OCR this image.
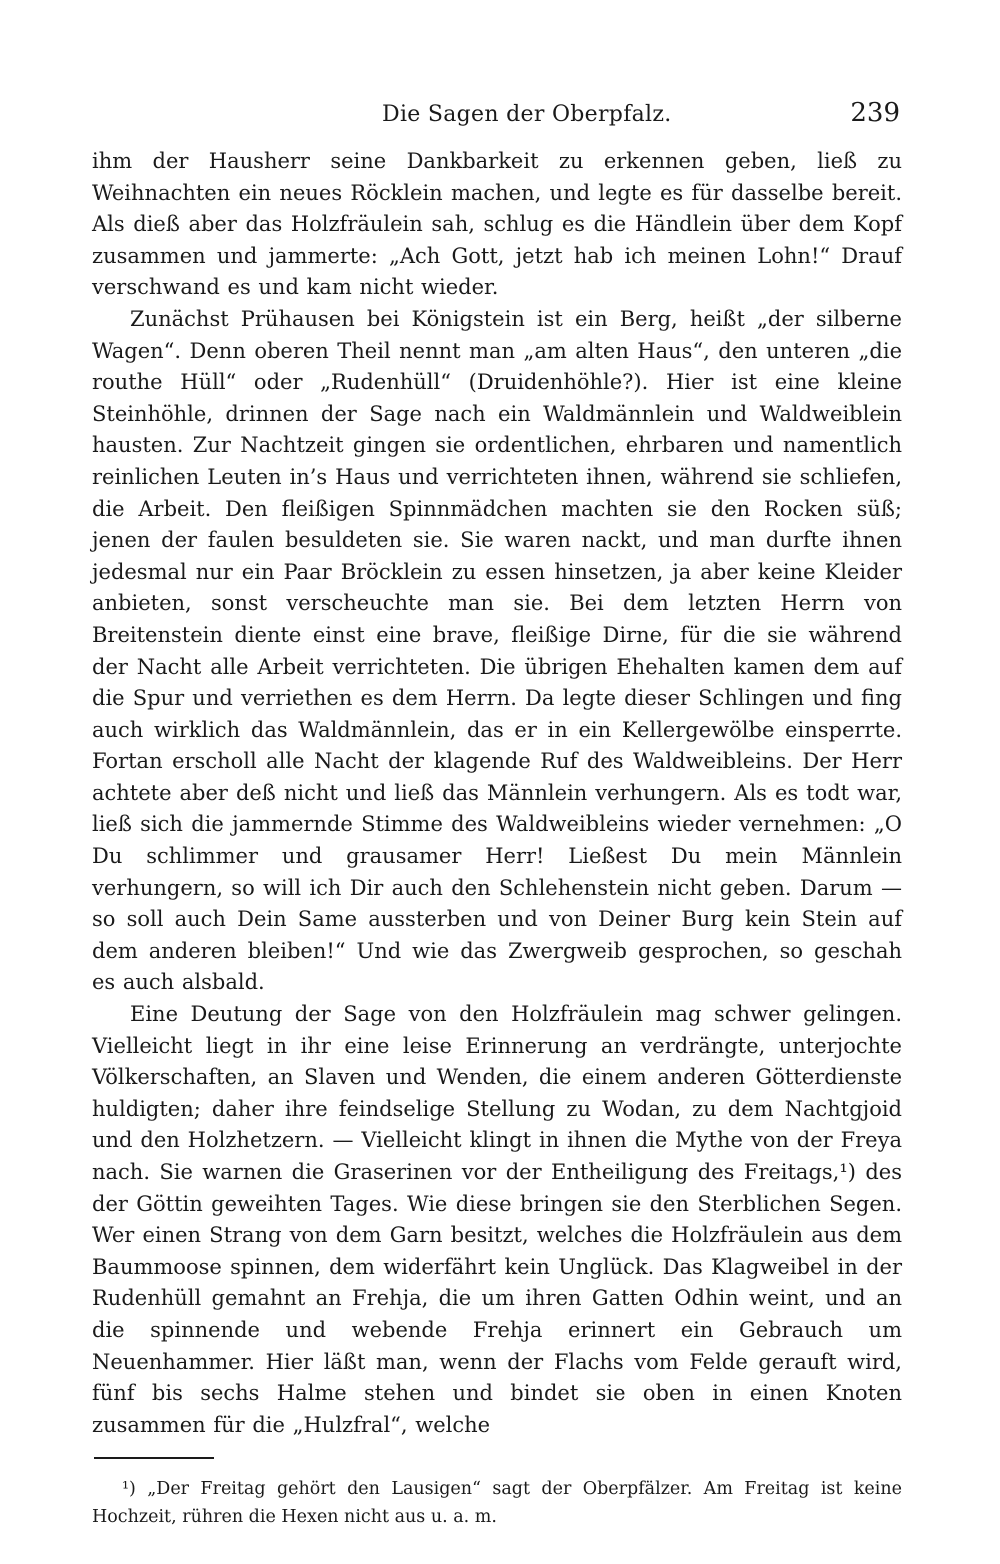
Die Sagen der Oberpfalz.	239

ihm der Hausherr seine Dankbarkeit zu erkennen geben, ließ zu Weihnachten ein neues Röcklein machen, und legte es für dasselbe bereit. Als dieß aber das Holzfräulein sah, schlug es die Händlein über dem Kopf zusammen und jammerte: „Ach Gott, jetzt hab ich meinen Lohn!“ Drauf verschwand es und kam nicht wieder.

Zunächst Prühausen bei Königstein ist ein Berg, heißt „der silberne Wagen“. Denn oberen Theil nennt man „am alten Haus“, den unteren „die routhe Hüll“ oder „Rudenhüll“ (Druidenhöhle?). Hier ist eine kleine Steinhöhle, drinnen der Sage nach ein Waldmännlein und Waldweiblein hausten. Zur Nachtzeit gingen sie ordentlichen, ehrbaren und namentlich reinlichen Leuten in’s Haus und verrichteten ihnen, während sie schliefen, die Arbeit. Den fleißigen Spinnmädchen machten sie den Rocken süß; jenen der faulen besuldeten sie. Sie waren nackt, und man durfte ihnen jedesmal nur ein Paar Bröcklein zu essen hinsetzen, ja aber keine Kleider anbieten, sonst verscheuchte man sie. Bei dem letzten Herrn von Breitenstein diente einst eine brave, fleißige Dirne, für die sie während der Nacht alle Arbeit verrichteten. Die übrigen Ehehalten kamen dem auf die Spur und verriethen es dem Herrn. Da legte dieser Schlingen und fing auch wirklich das Waldmännlein, das er in ein Kellergewölbe einsperrte. Fortan erscholl alle Nacht der klagende Ruf des Waldweibleins. Der Herr achtete aber deß nicht und ließ das Männlein verhungern. Als es todt war, ließ sich die jammernde Stimme des Waldweibleins wieder vernehmen: „O Du schlimmer und grausamer Herr! Ließest Du mein Männlein verhungern, so will ich Dir auch den Schlehenstein nicht geben. Darum — so soll auch Dein Same aussterben und von Deiner Burg kein Stein auf dem anderen bleiben!“ Und wie das Zwergweib gesprochen, so geschah es auch alsbald.

Eine Deutung der Sage von den Holzfräulein mag schwer gelingen. Vielleicht liegt in ihr eine leise Erinnerung an verdrängte, unterjochte Völkerschaften, an Slaven und Wenden, die einem anderen Götterdienste huldigten; daher ihre feindselige Stellung zu Wodan, zu dem Nachtgjoid und den Holzhetzern. — Vielleicht klingt in ihnen die Mythe von der Freya nach. Sie warnen die Graserinen vor der Entheiligung des Freitags,¹) des der Göttin geweihten Tages. Wie diese bringen sie den Sterblichen Segen. Wer einen Strang von dem Garn besitzt, welches die Holzfräulein aus dem Baummoose spinnen, dem widerfährt kein Unglück. Das Klagweibel in der Rudenhüll gemahnt an Frehja, die um ihren Gatten Odhin weint, und an die spinnende und webende Frehja erinnert ein Gebrauch um Neuenhammer. Hier läßt man, wenn der Flachs vom Felde gerauft wird, fünf bis sechs Halme stehen und bindet sie oben in einen Knoten zusammen für die „Hulzfral“, welche

¹) „Der Freitag gehört den Lausigen“ sagt der Oberpfälzer. Am Freitag ist keine Hochzeit, rühren die Hexen nicht aus u. a. m.
